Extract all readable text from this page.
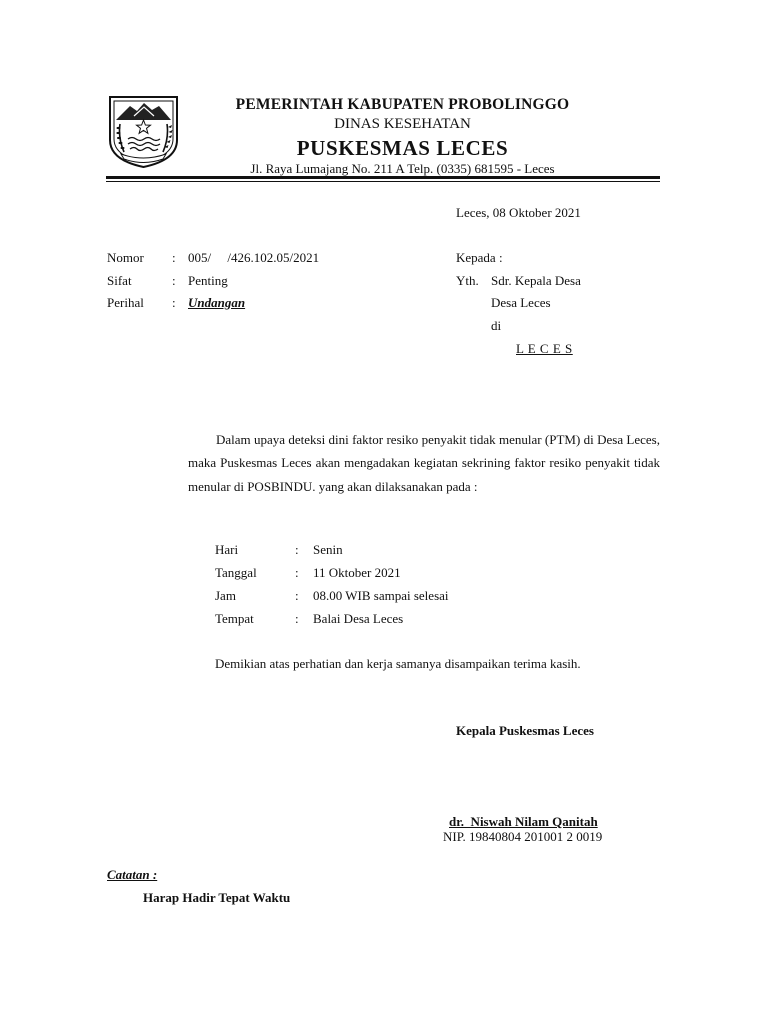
PEMERINTAH KABUPATEN PROBOLINGGO
DINAS KESEHATAN
PUSKESMAS LECES
Jl. Raya Lumajang No. 211 A Telp. (0335) 681595 - Leces
Leces, 08 Oktober 2021
Nomor : 005/     /426.102.05/2021
Sifat	: Penting
Perihal : Undangan
Kepada :
Yth. Sdr. Kepala Desa
Desa Leces
di
L E C E S
Dalam upaya deteksi dini faktor resiko penyakit tidak menular (PTM) di Desa Leces, maka Puskesmas Leces akan mengadakan kegiatan sekrining faktor resiko penyakit tidak menular di POSBINDU. yang akan dilaksanakan pada :
Hari	: Senin
Tanggal	: 11 Oktober 2021
Jam	: 08.00 WIB sampai selesai
Tempat	: Balai Desa Leces
Demikian atas perhatian dan kerja samanya disampaikan terima kasih.
Kepala Puskesmas Leces
dr.  Niswah Nilam Qanitah
NIP. 19840804 201001 2 0019
Catatan :
Harap Hadir Tepat Waktu
